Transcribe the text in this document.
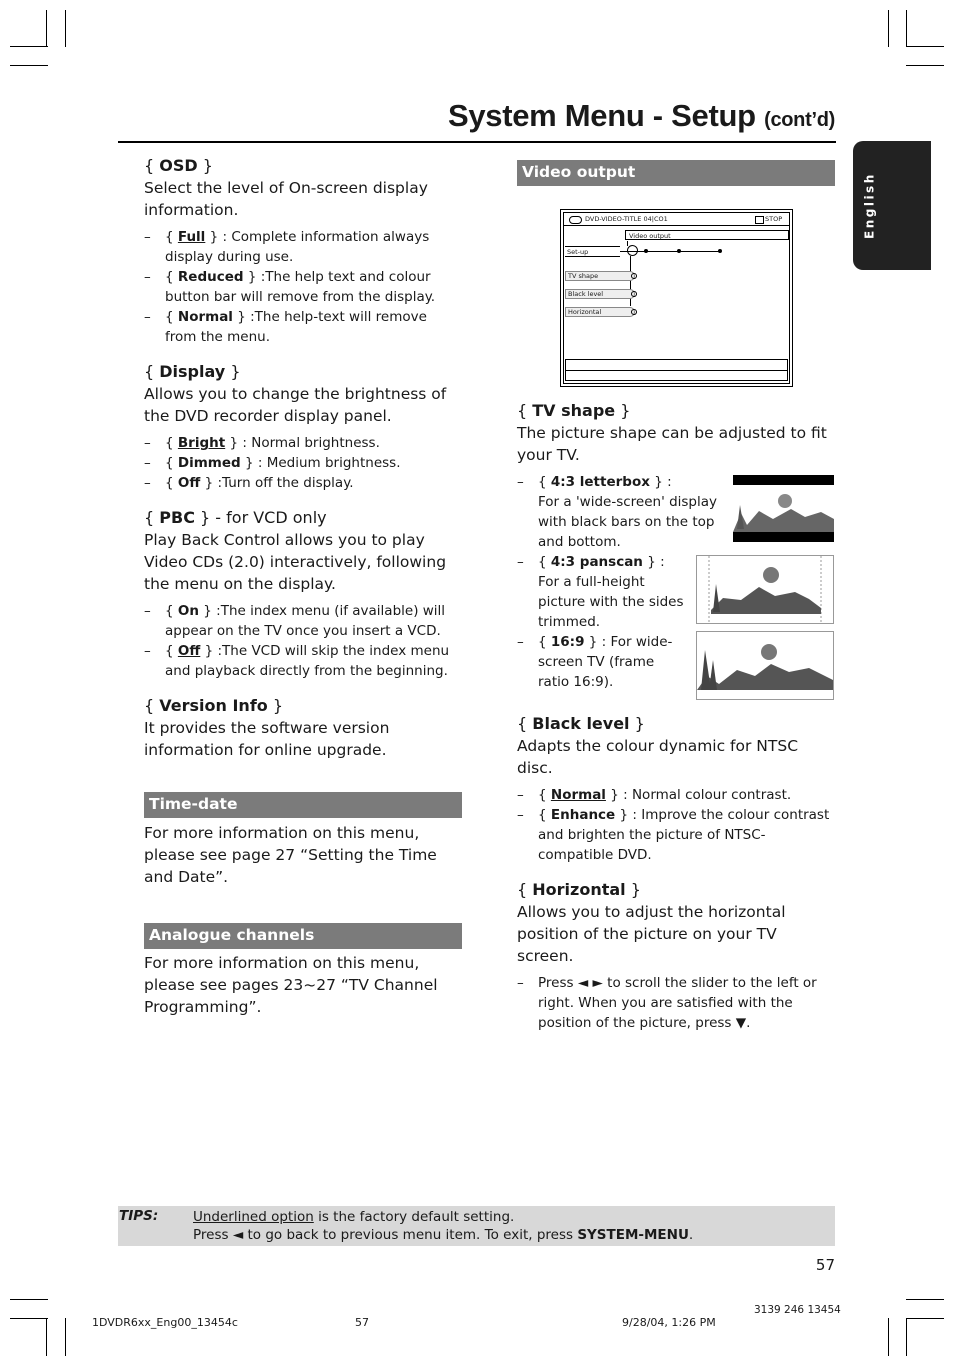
System Menu - Setup (cont’d)
English

{ OSD }

Select the level of On-screen display information.

– { Full } : Complete information always display during use.
– { Reduced } :The help text and colour button bar will remove from the display.
– { Normal } :The help-text will remove from the menu.

{ Display }

Allows you to change the brightness of the DVD recorder display panel.

– { Bright } : Normal brightness.
– { Dimmed } : Medium brightness.
– { Off } :Turn off the display.

{ PBC } - for VCD only

Play Back Control allows you to play Video CDs (2.0) interactively, following the menu on the display.

– { On } :The index menu (if available) will appear on the TV once you insert a VCD.
– { Off } :The VCD will skip the index menu and playback directly from the beginning.

{ Version Info }

It provides the software version information for online upgrade.

Time-date

For more information on this menu, please see page 27 “Setting the Time and Date”.

Analogue channels

For more information on this menu, please see pages 23~27 “TV Channel Programming”.

Video output
DVD-VIDEO-TITLE 04|CO1	STOP
Video output
Set-up
TV shape
Black level
Horizontal

{ TV shape }

The picture shape can be adjusted to fit your TV.

– { 4:3 letterbox } :
For a 'wide-screen' display
with black bars on the top
and bottom.
– { 4:3 panscan } :
For a full-height
picture with the sides
trimmed.
– { 16:9 } : For wide-
screen TV (frame
ratio 16:9).

{ Black level }

Adapts the colour dynamic for NTSC disc.

– { Normal } : Normal colour contrast.
– { Enhance } : Improve the colour contrast and brighten the picture of NTSC-compatible DVD.

{ Horizontal }

Allows you to adjust the horizontal position of the picture on your TV screen.

– Press ◄ ► to scroll the slider to the left or right. When you are satisfied with the position of the picture, press ▼.
TIPS:	Underlined option is the factory default setting.
Press ◄ to go back to previous menu item. To exit, press SYSTEM-MENU.
57
3139 246 13454
1DVDR6xx_Eng00_13454c	57	9/28/04, 1:26 PM
